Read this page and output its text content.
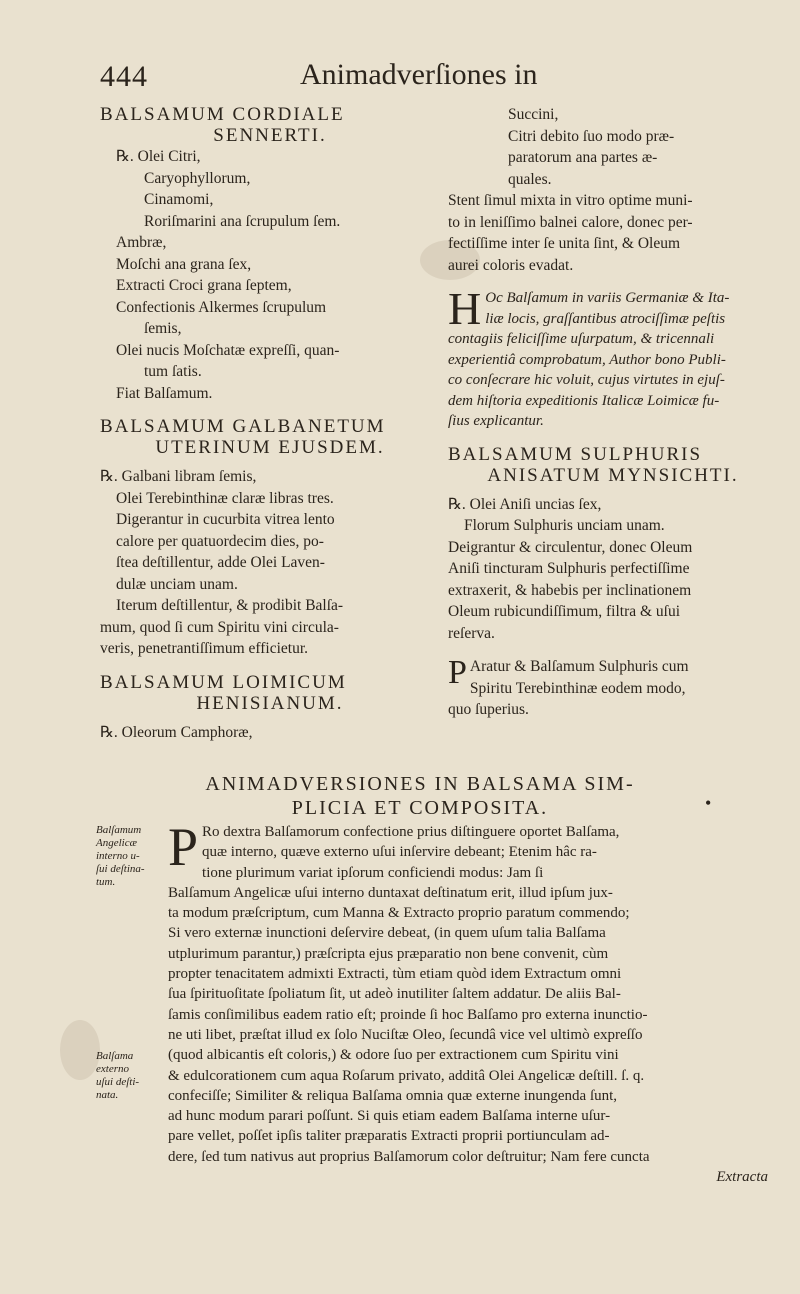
444	Animadverſiones in
BALSAMUM CORDIALE
SENNERTI.
℞. Olei Citri,
Caryophyllorum,
Cinamomi,
Roriſmarini ana ſcrupulum ſem.
Ambræ,
Moſchi ana grana ſex,
Extracti Croci grana ſeptem,
Confectionis Alkermes ſcrupulum
ſemis,
Olei nucis Moſchatæ expreſſi, quan-
tum ſatis.
Fiat Balſamum.
BALSAMUM GALBANETUM
UTERINUM EJUSDEM.
℞. Galbani libram ſemis,
Olei Terebinthinæ claræ libras tres.
Digerantur in cucurbita vitrea lento
calore per quatuordecim dies, po-
ſtea deſtillentur, adde Olei Laven-
dulæ unciam unam.
Iterum deſtillentur, & prodibit Balſa-
mum, quod ſi cum Spiritu vini circula-
veris, penetrantiſſimum efficietur.
BALSAMUM LOIMICUM
HENISIANUM.
℞. Oleorum Camphoræ,
Succini,
Citri debito ſuo modo præ-
paratorum ana partes æ-
quales.
Stent ſimul mixta in vitro optime muni-
to in leniſſimo balnei calore, donec per-
fectiſſime inter ſe unita ſint, & Oleum
aurei coloris evadat.
H Oc Balſamum in variis Germaniæ & Ita-
liæ locis, graſſantibus atrociſſimæ peſtis
contagiis feliciſſime uſurpatum, & tricennali
experientiâ comprobatum, Author bono Publi-
co conſecrare hic voluit, cujus virtutes in ejuſ-
dem hiſtoria expeditionis Italicæ Loimicæ fu-
ſius explicantur.
BALSAMUM SULPHURIS
ANISATUM MYNSICHTI.
℞. Olei Aniſi uncias ſex,
Florum Sulphuris unciam unam.
Deigrantur & circulentur, donec Oleum
Aniſi tincturam Sulphuris perfectiſſime
extraxerit, & habebis per inclinationem
Oleum rubicundiſſimum, filtra & uſui
reſerva.
P Aratur & Balſamum Sulphuris cum
Spiritu Terebinthinæ eodem modo,
quo ſuperius.
ANIMADVERSIONES IN BALSAMA SIM-
PLICIA ET COMPOSITA.	•
Balſamum
Angelicæ
interno u-
ſui deſtina-
tum.
Balſama
externo
uſui deſti-
nata.
P Ro dextra Balſamorum confectione prius diſtinguere oportet Balſama,
quæ interno, quæve externo uſui inſervire debeant; Etenim hâc ra-
tione plurimum variat ipſorum conficiendi modus: Jam ſi
Balſamum Angelicæ uſui interno duntaxat deſtinatum erit, illud ipſum jux-
ta modum præſcriptum, cum Manna & Extracto proprio paratum commendo;
Si vero externæ inunctioni deſervire debeat, (in quem uſum talia Balſama
utplurimum parantur,) præſcripta ejus præparatio non bene convenit, cùm
propter tenacitatem admixti Extracti, tùm etiam quòd idem Extractum omni
ſua ſpirituoſitate ſpoliatum ſit, ut adeò inutiliter ſaltem addatur. De aliis Bal-
ſamis conſimilibus eadem ratio eſt; proinde ſi hoc Balſamo pro externa inunctio-
ne uti libet, præſtat illud ex ſolo Nuciſtæ Oleo, ſecundâ vice vel ultimò expreſſo
(quod albicantis eſt coloris,) & odore ſuo per extractionem cum Spiritu vini
& edulcorationem cum aqua Roſarum privato, additâ Olei Angelicæ deſtill. ſ. q.
confeciſſe; Similiter & reliqua Balſama omnia quæ externe inungenda ſunt,
ad hunc modum parari poſſunt. Si quis etiam eadem Balſama interne uſur-
pare vellet, poſſet ipſis taliter præparatis Extracti proprii portiunculam ad-
dere, ſed tum nativus aut proprius Balſamorum color deſtruitur; Nam fere cuncta
Extracta
